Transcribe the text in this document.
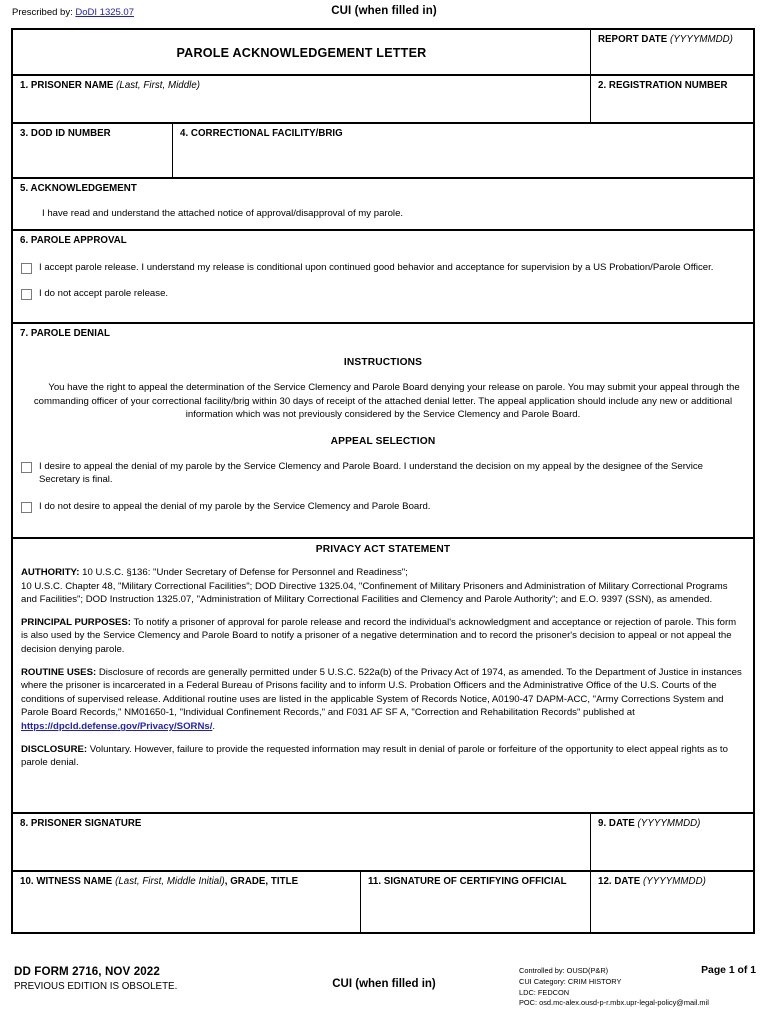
Prescribed by: DoDI 1325.07	CUI (when filled in)
PAROLE ACKNOWLEDGEMENT LETTER
REPORT DATE (YYYYMMDD)
1. PRISONER NAME (Last, First, Middle)	2. REGISTRATION NUMBER
3. DOD ID NUMBER	4. CORRECTIONAL FACILITY/BRIG
5. ACKNOWLEDGEMENT
I have read and understand the attached notice of approval/disapproval of my parole.
6. PAROLE APPROVAL
I accept parole release. I understand my release is conditional upon continued good behavior and acceptance for supervision by a US Probation/Parole Officer.
I do not accept parole release.
7. PAROLE DENIAL
INSTRUCTIONS
You have the right to appeal the determination of the Service Clemency and Parole Board denying your release on parole. You may submit your appeal through the commanding officer of your correctional facility/brig within 30 days of receipt of the attached denial letter. The appeal application should include any new or additional information which was not previously considered by the Service Clemency and Parole Board.
APPEAL SELECTION
I desire to appeal the denial of my parole by the Service Clemency and Parole Board. I understand the decision on my appeal by the designee of the Service Secretary is final.
I do not desire to appeal the denial of my parole by the Service Clemency and Parole Board.
PRIVACY ACT STATEMENT
AUTHORITY: 10 U.S.C. §136: "Under Secretary of Defense for Personnel and Readiness";
10 U.S.C. Chapter 48, "Military Correctional Facilities"; DOD Directive 1325.04, "Confinement of Military Prisoners and Administration of Military Correctional Programs and Facilities"; DOD Instruction 1325.07, "Administration of Military Correctional Facilities and Clemency and Parole Authority"; and E.O. 9397 (SSN), as amended.
PRINCIPAL PURPOSES: To notify a prisoner of approval for parole release and record the individual's acknowledgment and acceptance or rejection of parole. This form is also used by the Service Clemency and Parole Board to notify a prisoner of a negative determination and to record the prisoner's decision to appeal or not appeal the decision denying parole.
ROUTINE USES: Disclosure of records are generally permitted under 5 U.S.C. 522a(b) of the Privacy Act of 1974, as amended. To the Department of Justice in instances where the prisoner is incarcerated in a Federal Bureau of Prisons facility and to inform U.S. Probation Officers and the Administrative Office of the U.S. Courts of the conditions of supervised release. Additional routine uses are listed in the applicable System of Records Notice, A0190-47 DAPM-ACC, "Army Corrections System and Parole Board Records," NM01650-1, "Individual Confinement Records," and F031 AF SF A, "Correction and Rehabilitation Records" published at https://dpcld.defense.gov/Privacy/SORNs/.
DISCLOSURE: Voluntary. However, failure to provide the requested information may result in denial of parole or forfeiture of the opportunity to elect appeal rights as to parole denial.
8. PRISONER SIGNATURE	9. DATE (YYYYMMDD)
10. WITNESS NAME (Last, First, Middle Initial), GRADE, TITLE	11. SIGNATURE OF CERTIFYING OFFICIAL	12. DATE (YYYYMMDD)
DD FORM 2716, NOV 2022
PREVIOUS EDITION IS OBSOLETE.	CUI (when filled in)
Controlled by: OUSD(P&R)
CUI Category: CRIM HISTORY
LDC: FEDCON
POC: osd.mc-alex.ousd-p-r.mbx.upr-legal-policy@mail.mil
Page 1 of 1
